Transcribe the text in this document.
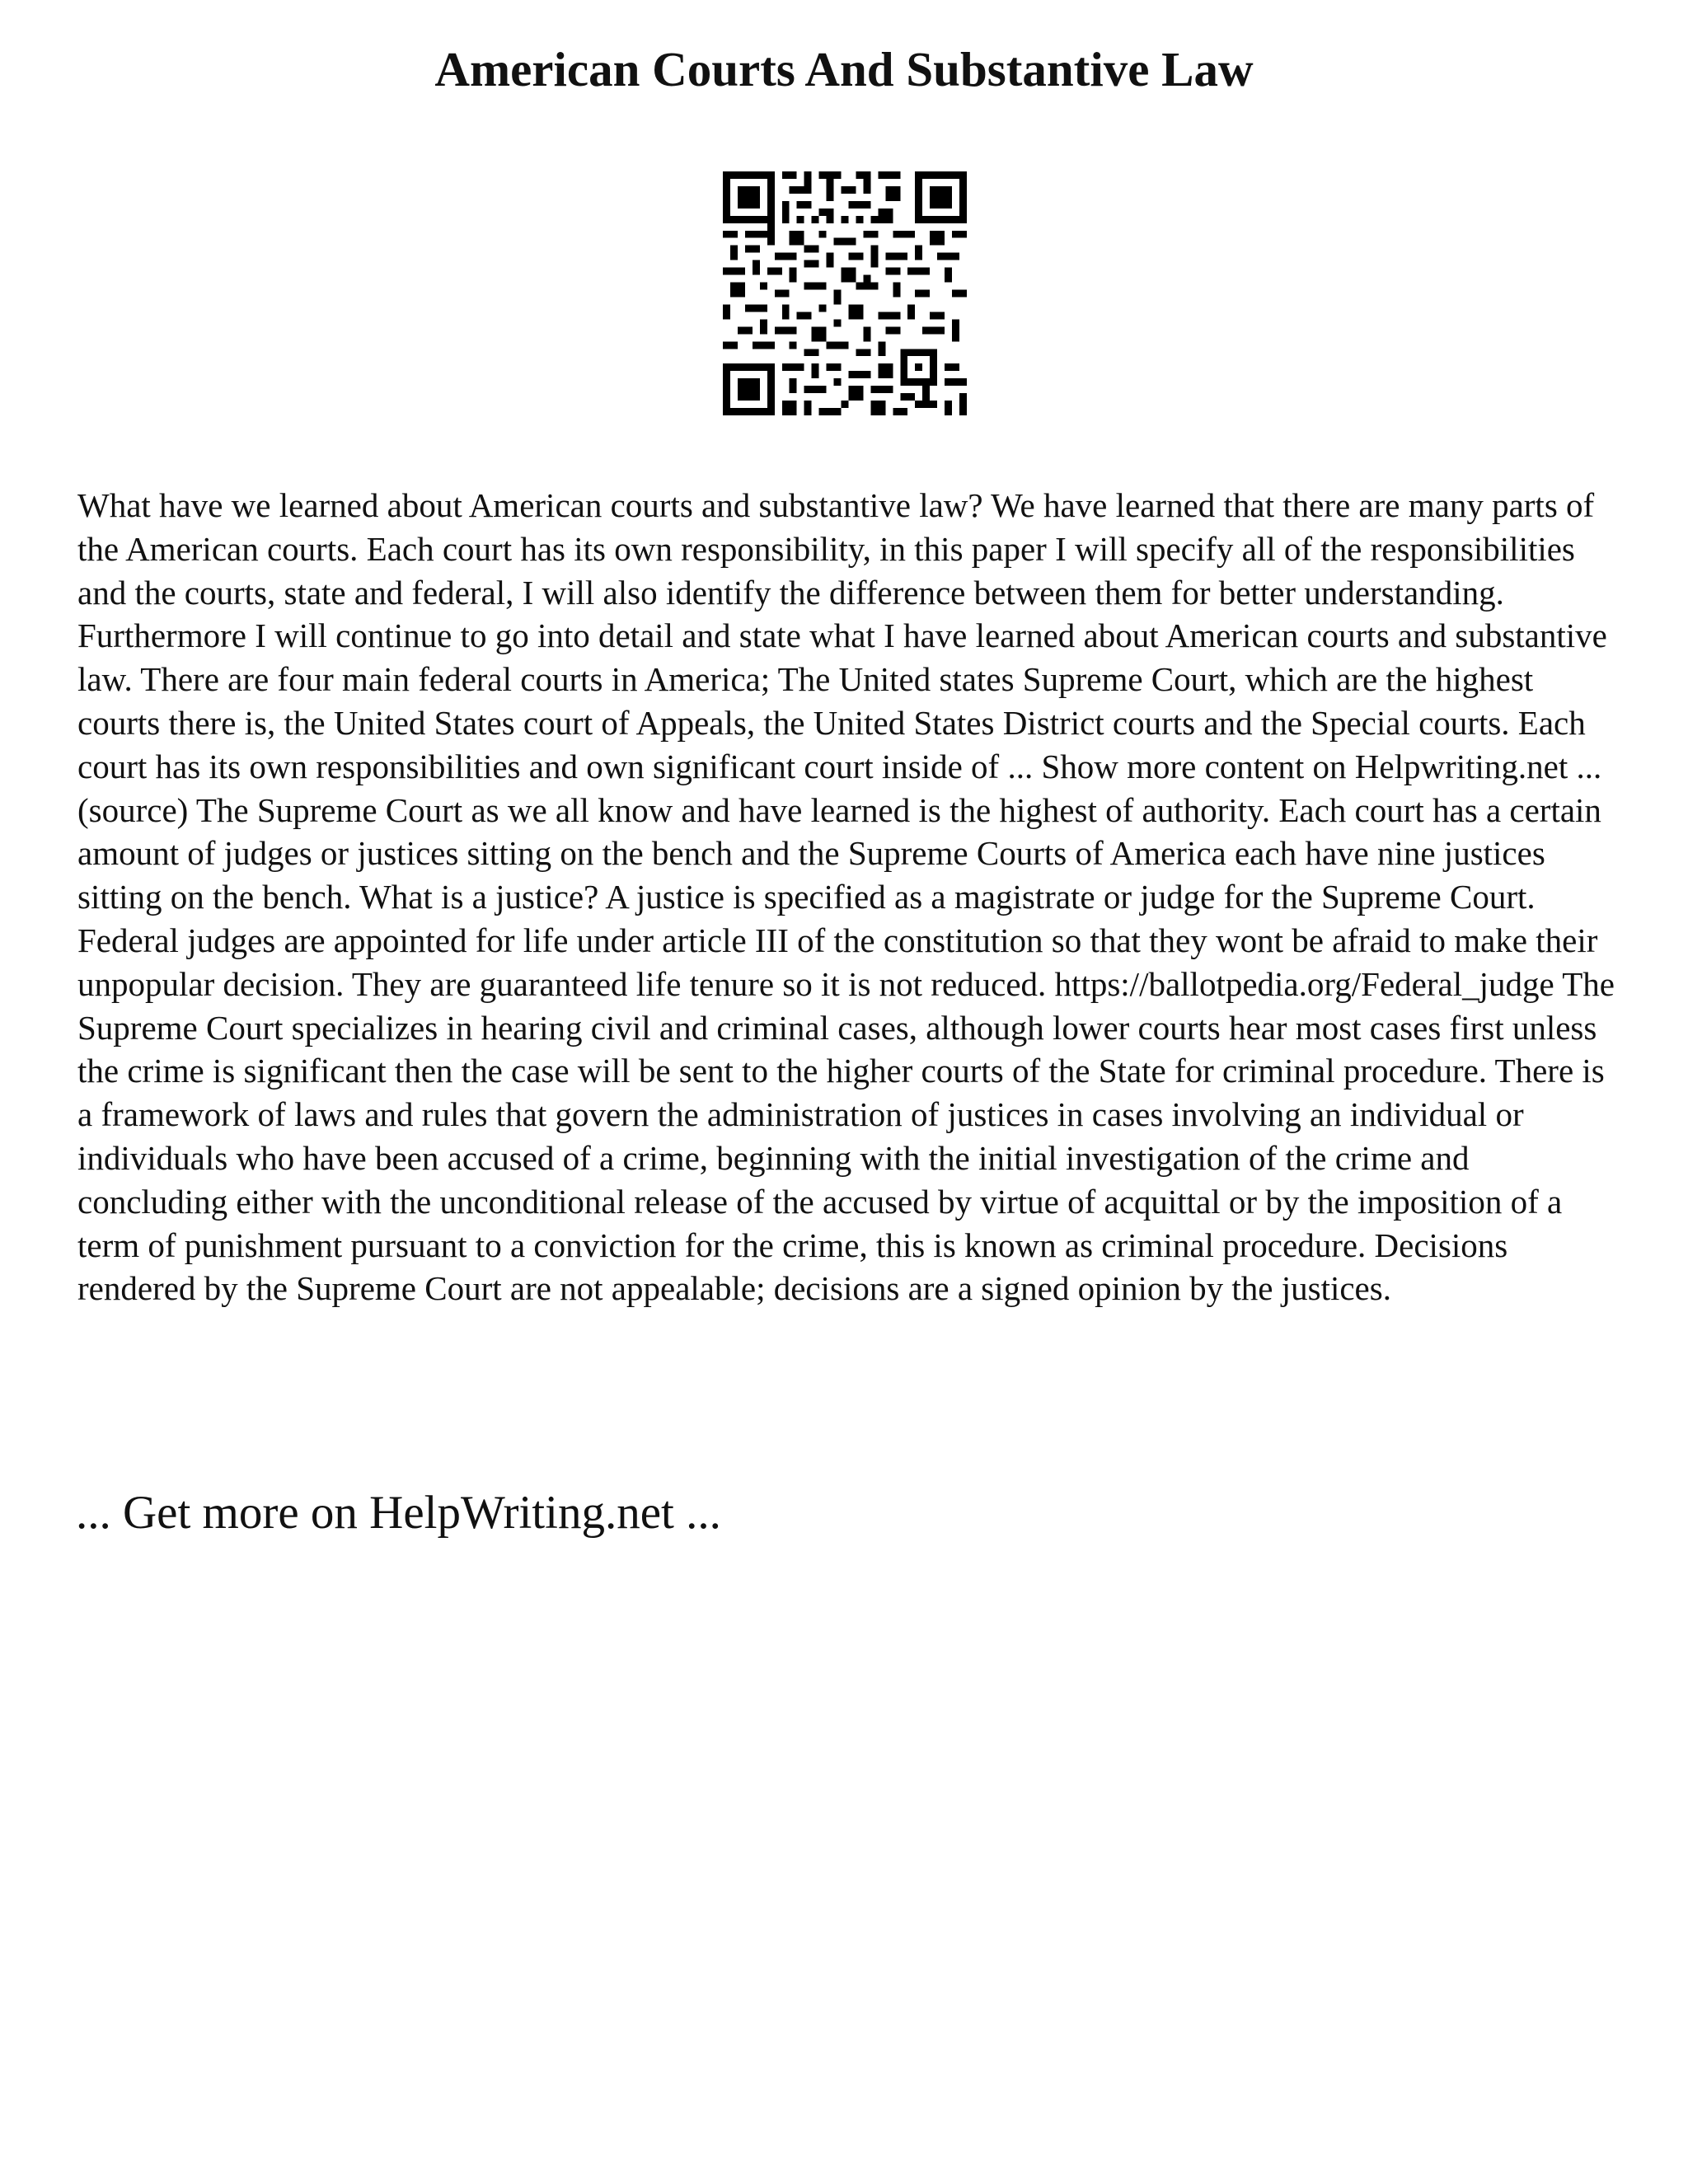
American Courts And Substantive Law

What have we learned about American courts and substantive law? We have learned that there are many parts of the American courts. Each court has its own responsibility, in this paper I will specify all of the responsibilities and the courts, state and federal, I will also identify the difference between them for better understanding. Furthermore I will continue to go into detail and state what I have learned about American courts and substantive law. There are four main federal courts in America; The United states Supreme Court, which are the highest courts there is, the United States court of Appeals, the United States District courts and the Special courts. Each court has its own responsibilities and own significant court inside of ... Show more content on Helpwriting.net ... (source) The Supreme Court as we all know and have learned is the highest of authority. Each court has a certain amount of judges or justices sitting on the bench and the Supreme Courts of America each have nine justices sitting on the bench. What is a justice? A justice is specified as a magistrate or judge for the Supreme Court. Federal judges are appointed for life under article III of the constitution so that they wont be afraid to make their unpopular decision. They are guaranteed life tenure so it is not reduced. https://ballotpedia.org/Federal_judge The Supreme Court specializes in hearing civil and criminal cases, although lower courts hear most cases first unless the crime is significant then the case will be sent to the higher courts of the State for criminal procedure. There is a framework of laws and rules that govern the administration of justices in cases involving an individual or individuals who have been accused of a crime, beginning with the initial investigation of the crime and concluding either with the unconditional release of the accused by virtue of acquittal or by the imposition of a term of punishment pursuant to a conviction for the crime, this is known as criminal procedure. Decisions rendered by the Supreme Court are not appealable; decisions are a signed opinion by the justices.

... Get more on HelpWriting.net ...
